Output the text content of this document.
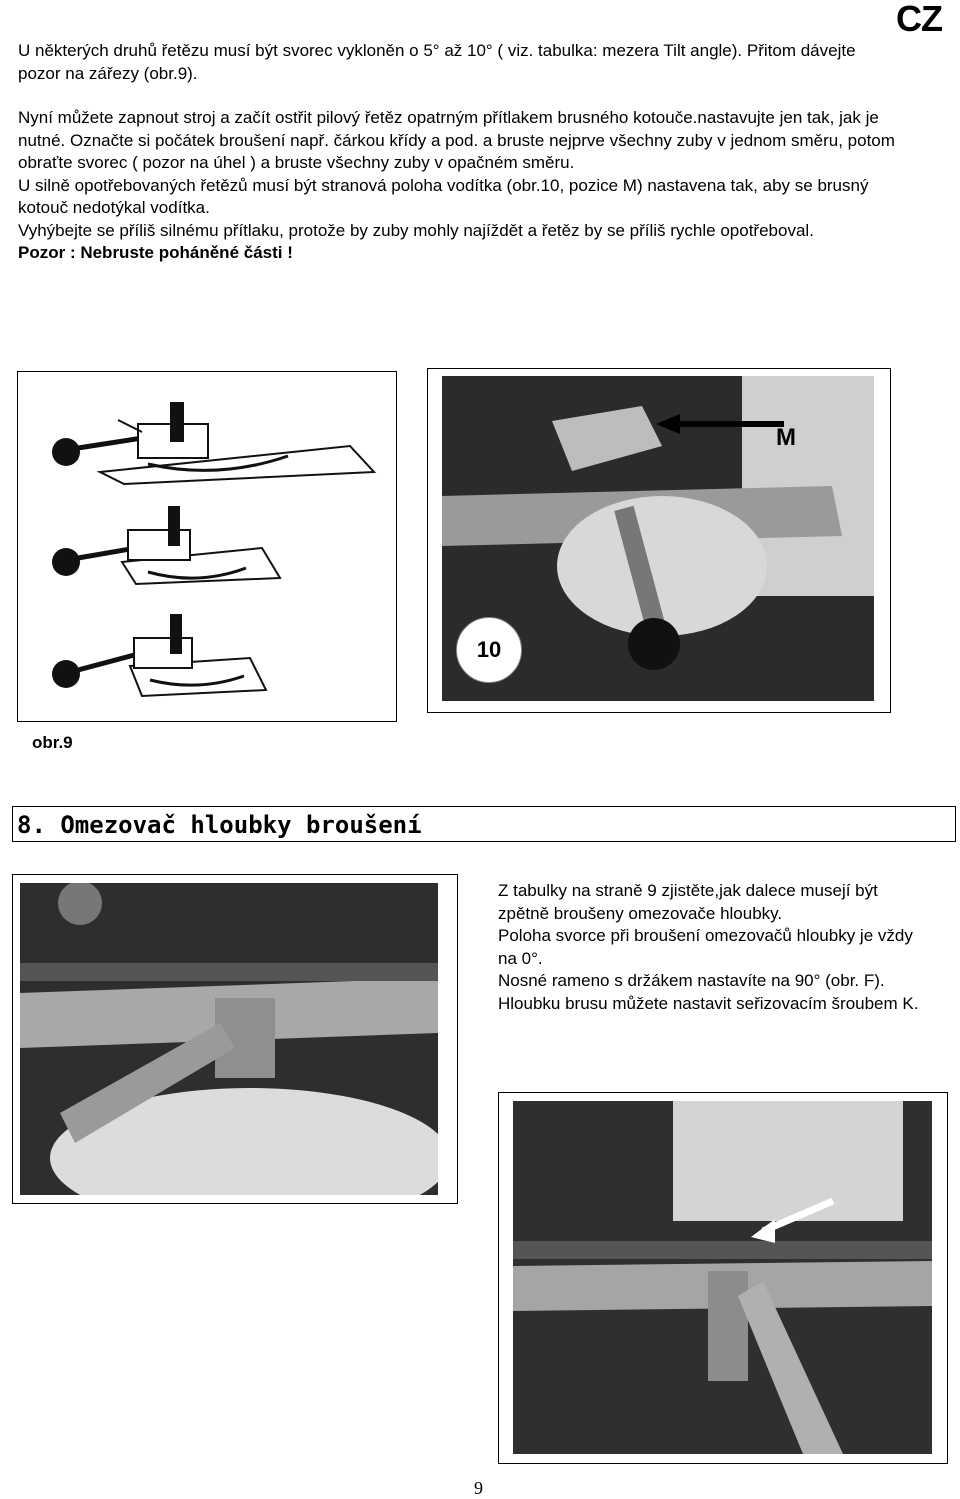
CZ

U některých druhů řetězu musí být svorec vykloněn o 5° až 10° ( viz. tabulka: mezera Tilt angle). Přitom dávejte pozor na zářezy (obr.9).

Nyní můžete zapnout stroj a začít ostřit pilový řetěz opatrným přítlakem brusného kotouče.nastavujte jen tak, jak je nutné. Označte si počátek broušení např. čárkou křídy a pod. a bruste nejprve všechny zuby v jednom směru, potom obraťte svorec ( pozor na úhel ) a bruste všechny zuby v opačném směru.

U silně opotřebovaných řetězů musí být stranová poloha vodítka (obr.10, pozice M) nastavena tak, aby se brusný kotouč nedotýkal vodítka.

Vyhýbejte se příliš silnému přítlaku, protože by zuby mohly najíždět a řetěz by se příliš rychle opotřeboval.

Pozor : Nebruste poháněné části !

M
10
obr.9
8. Omezovač hloubky broušení

Z tabulky na straně 9 zjistěte,jak dalece musejí být zpětně broušeny omezovače hloubky.

Poloha svorce při broušení omezovačů hloubky je vždy na 0°.

Nosné rameno s držákem nastavíte na 90° (obr. F).

Hloubku brusu můžete nastavit seřizovacím šroubem K.

9
